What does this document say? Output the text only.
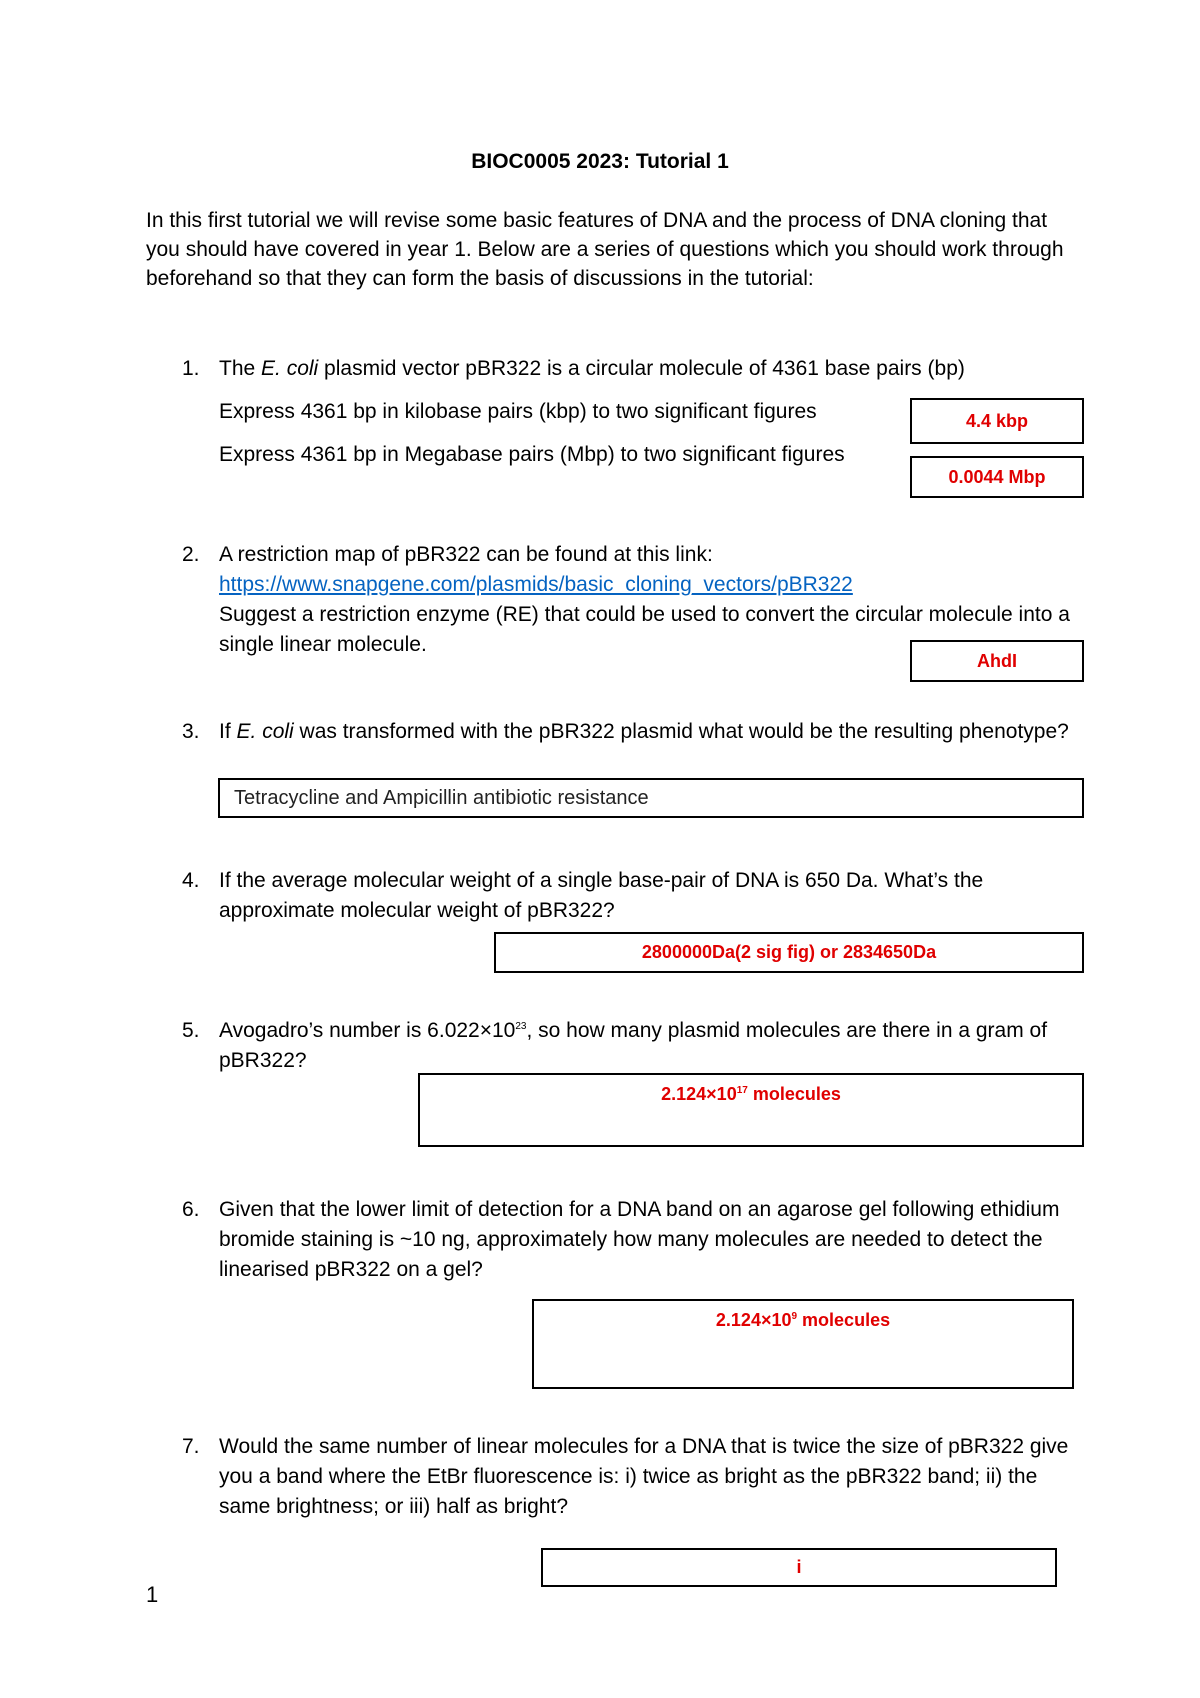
BIOC0005 2023: Tutorial 1
In this first tutorial we will revise some basic features of DNA and the process of DNA cloning that you should have covered in year 1. Below are a series of questions which you should work through beforehand so that they can form the basis of discussions in the tutorial:
1. The E. coli plasmid vector pBR322 is a circular molecule of 4361 base pairs (bp)
Express 4361 bp in kilobase pairs (kbp) to two significant figures
Express 4361 bp in Megabase pairs (Mbp) to two significant figures
4.4 kbp
0.0044 Mbp
2. A restriction map of pBR322 can be found at this link:
https://www.snapgene.com/plasmids/basic_cloning_vectors/pBR322
Suggest a restriction enzyme (RE) that could be used to convert the circular molecule into a single linear molecule.
AhdI
3. If E. coli was transformed with the pBR322 plasmid what would be the resulting phenotype?
Tetracycline and Ampicillin antibiotic resistance
4. If the average molecular weight of a single base-pair of DNA is 650 Da. What’s the approximate molecular weight of pBR322?
2800000Da(2 sig fig) or 2834650Da
5. Avogadro’s number is $6.022\times 10^{23}$, so how many plasmid molecules are there in a gram of pBR322?
$2.124\times 10^{17}$ molecules
6. Given that the lower limit of detection for a DNA band on an agarose gel following ethidium bromide staining is ~10 ng, approximately how many molecules are needed to detect the linearised pBR322 on a gel?
$2.124\times 10^9$ molecules
7. Would the same number of linear molecules for a DNA that is twice the size of pBR322 give you a band where the EtBr fluorescence is: i) twice as bright as the pBR322 band; ii) the same brightness; or iii) half as bright?
i
1
